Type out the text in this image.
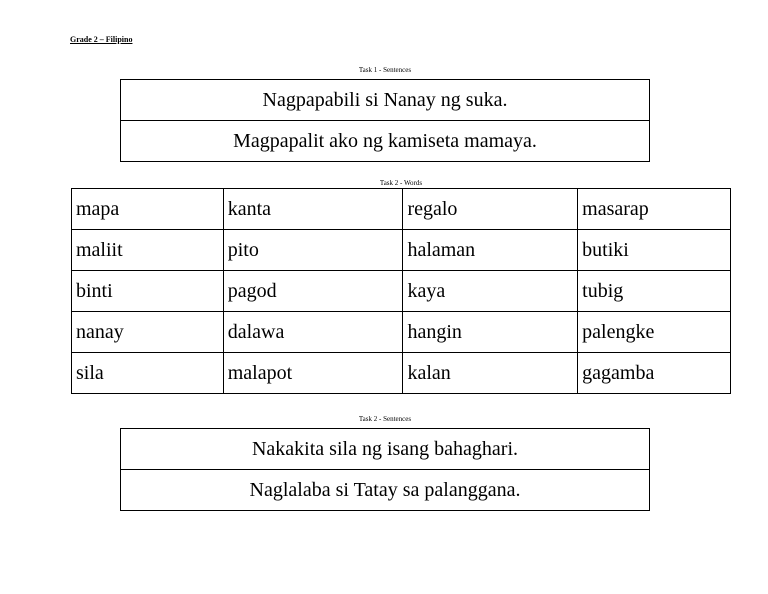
Grade 2 – Filipino
Task 1 - Sentences
Nagpapabili si Nanay ng suka.
Magpapalit ako ng kamiseta mamaya.
Task 2 - Words
mapa	kanta	regalo	masarap
maliit	pito	halaman	butiki
binti	pagod	kaya	tubig
nanay	dalawa	hangin	palengke
sila	malapot	kalan	gagamba
Task 2 - Sentences
Nakakita sila ng isang bahaghari.
Naglalaba si Tatay sa palanggana.
